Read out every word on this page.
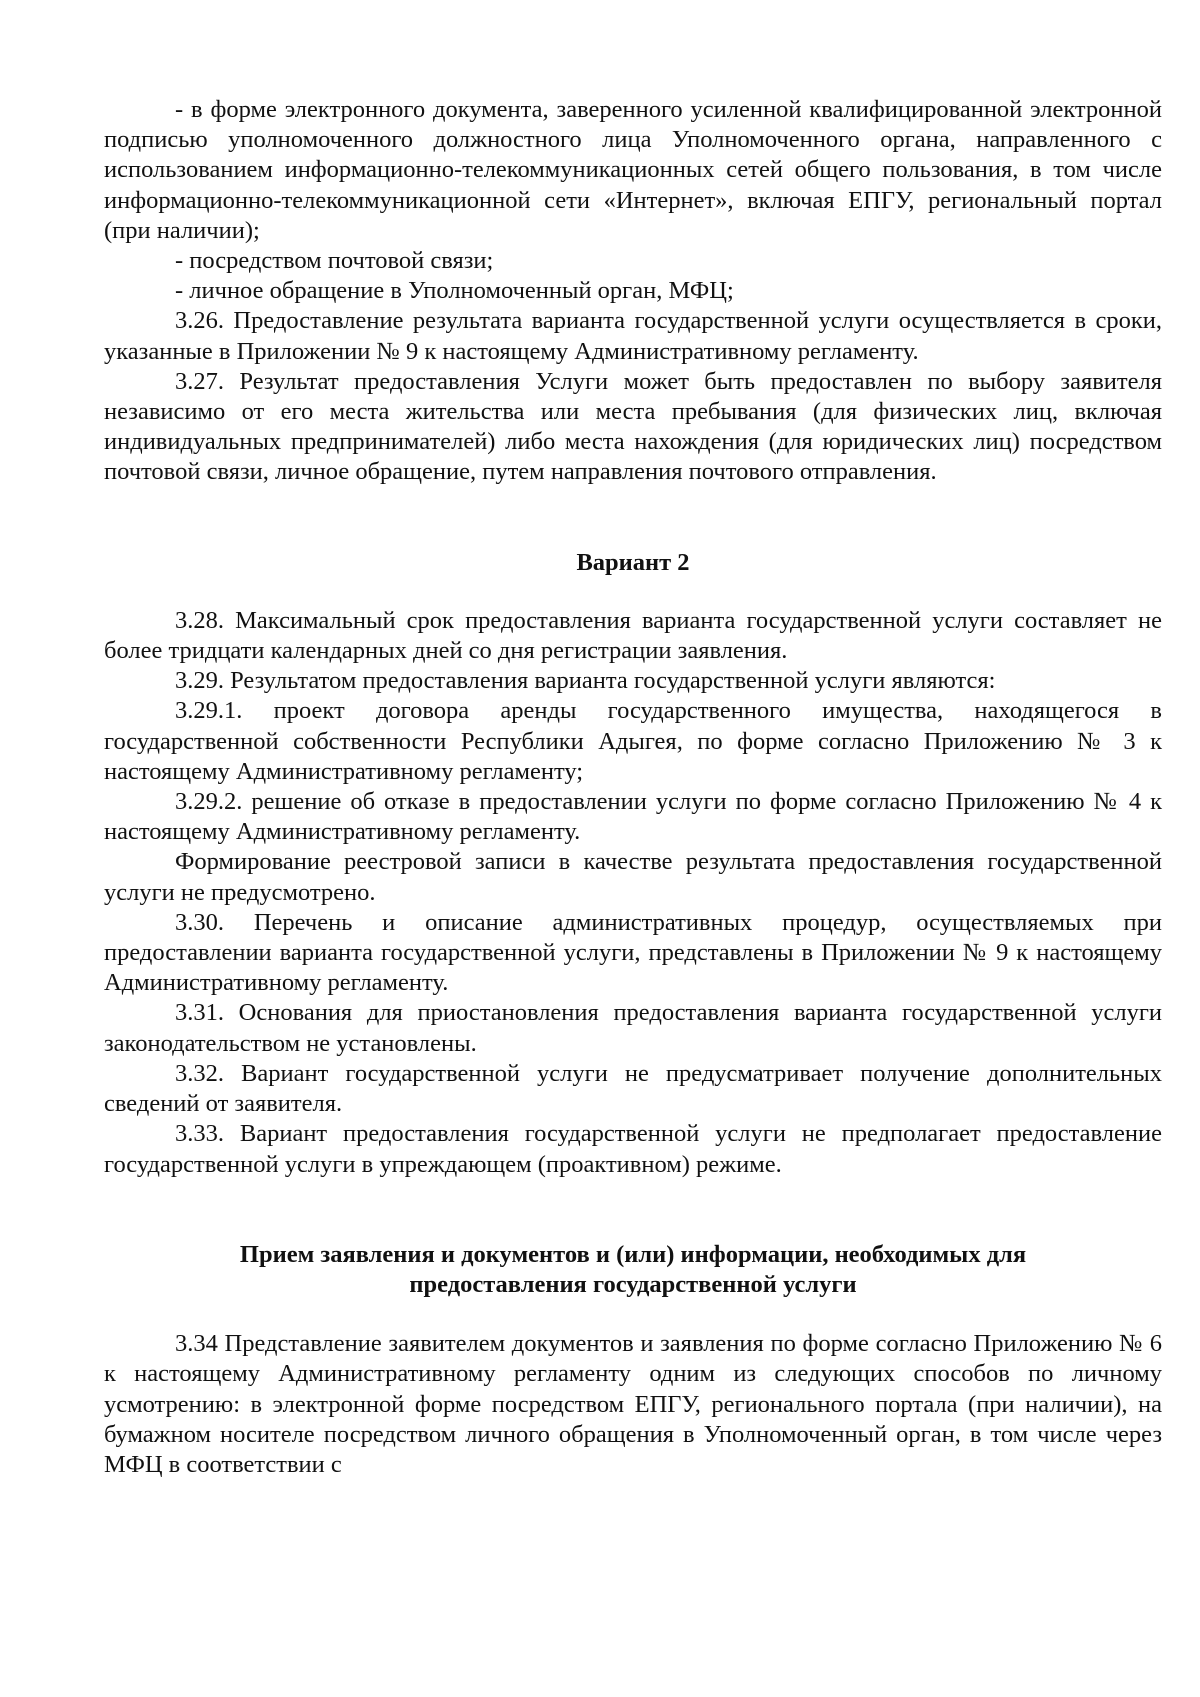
- в форме электронного документа, заверенного усиленной квалифицированной электронной подписью уполномоченного должностного лица Уполномоченного органа, направленного с использованием информационно-телекоммуникационных сетей общего пользования, в том числе информационно-телекоммуникационной сети «Интернет», включая ЕПГУ, региональный портал (при наличии);

- посредством почтовой связи;

- личное обращение в Уполномоченный орган, МФЦ;

3.26. Предоставление результата варианта государственной услуги осуществляется в сроки, указанные в Приложении № 9 к настоящему Административному регламенту.

3.27. Результат предоставления Услуги может быть предоставлен по выбору заявителя независимо от его места жительства или места пребывания (для физических лиц, включая индивидуальных предпринимателей) либо места нахождения (для юридических лиц) посредством почтовой связи, личное обращение, путем направления почтового отправления.

Вариант 2

3.28. Максимальный срок предоставления варианта государственной услуги составляет не более тридцати календарных дней со дня регистрации заявления.

3.29. Результатом предоставления варианта государственной услуги являются:

3.29.1. проект договора аренды государственного имущества, находящегося в государственной собственности Республики Адыгея, по форме согласно Приложению № 3 к настоящему Административному регламенту;

3.29.2. решение об отказе в предоставлении услуги по форме согласно Приложению № 4 к настоящему Административному регламенту.

Формирование реестровой записи в качестве результата предоставления государственной услуги не предусмотрено.

3.30. Перечень и описание административных процедур, осуществляемых при предоставлении варианта государственной услуги, представлены в Приложении № 9 к настоящему Административному регламенту.

3.31. Основания для приостановления предоставления варианта государственной услуги законодательством не установлены.

3.32. Вариант государственной услуги не предусматривает получение дополнительных сведений от заявителя.

3.33. Вариант предоставления государственной услуги не предполагает предоставление государственной услуги в упреждающем (проактивном) режиме.

Прием заявления и документов и (или) информации, необходимых для

предоставления государственной услуги

3.34 Представление заявителем документов и заявления по форме согласно Приложению № 6 к настоящему Административному регламенту одним из следующих способов по личному усмотрению: в электронной форме посредством ЕПГУ, регионального портала (при наличии), на бумажном носителе посредством личного обращения в Уполномоченный орган, в том числе через МФЦ в соответствии с
